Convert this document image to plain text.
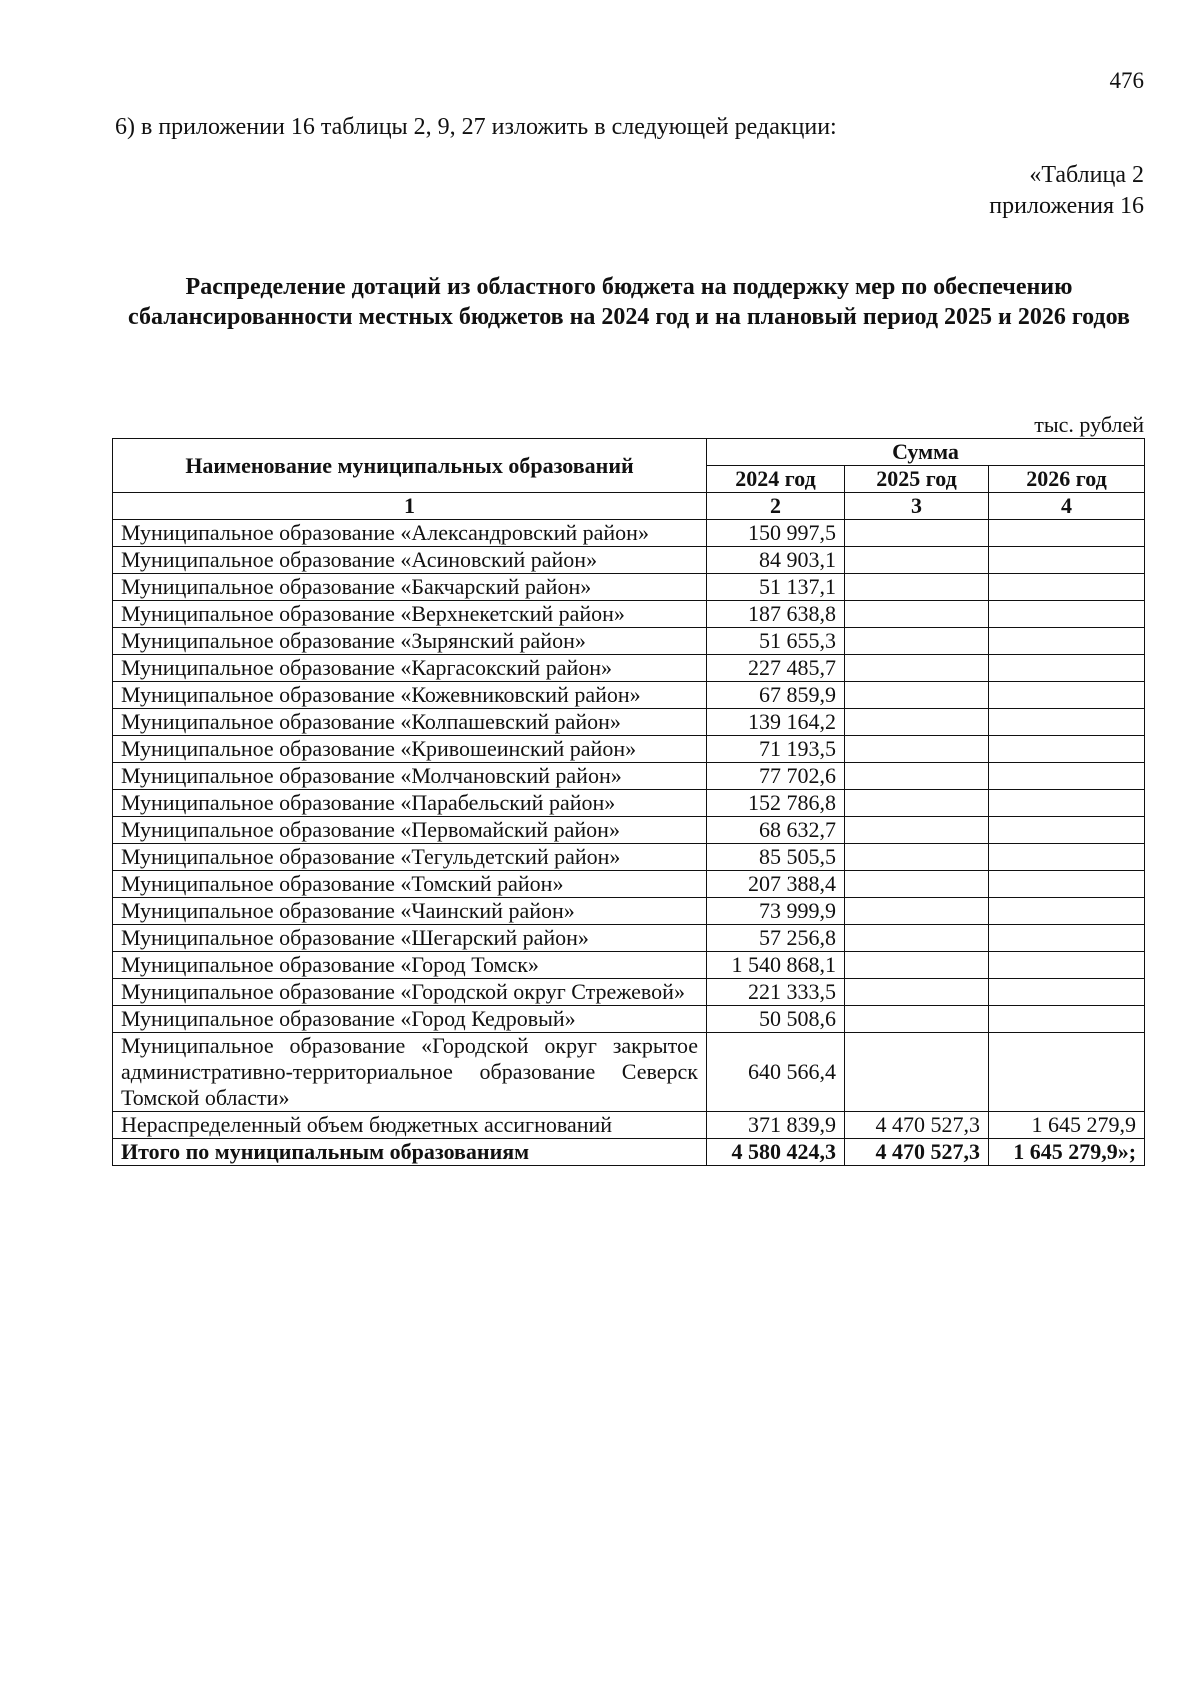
476
6) в приложении 16 таблицы 2, 9, 27 изложить в следующей редакции:
«Таблица 2
приложения 16
Распределение дотаций из областного бюджета на поддержку мер по обеспечению сбалансированности местных бюджетов на 2024 год и на плановый период 2025 и 2026 годов
тыс. рублей
Наименование муниципальных образований	Сумма		
	2024 год	2025 год	2026 год
1	2	3	4
Муниципальное образование «Александровский район»	150 997,5		
Муниципальное образование «Асиновский район»	84 903,1		
Муниципальное образование «Бакчарский район»	51 137,1		
Муниципальное образование «Верхнекетский район»	187 638,8		
Муниципальное образование «Зырянский район»	51 655,3		
Муниципальное образование «Каргасокский район»	227 485,7		
Муниципальное образование «Кожевниковский район»	67 859,9		
Муниципальное образование «Колпашевский район»	139 164,2		
Муниципальное образование «Кривошеинский район»	71 193,5		
Муниципальное образование «Молчановский район»	77 702,6		
Муниципальное образование «Парабельский район»	152 786,8		
Муниципальное образование «Первомайский район»	68 632,7		
Муниципальное образование «Тегульдетский район»	85 505,5		
Муниципальное образование «Томский район»	207 388,4		
Муниципальное образование «Чаинский район»	73 999,9		
Муниципальное образование «Шегарский район»	57 256,8		
Муниципальное образование «Город Томск»	1 540 868,1		
Муниципальное образование «Городской округ Стрежевой»	221 333,5		
Муниципальное образование «Город Кедровый»	50 508,6		
Муниципальное образование «Городской округ закрытое административно-территориальное образование Северск Томской области»	640 566,4		
Нераспределенный объем бюджетных ассигнований	371 839,9	4 470 527,3	1 645 279,9
Итого по муниципальным образованиям	4 580 424,3	4 470 527,3	1 645 279,9»;
